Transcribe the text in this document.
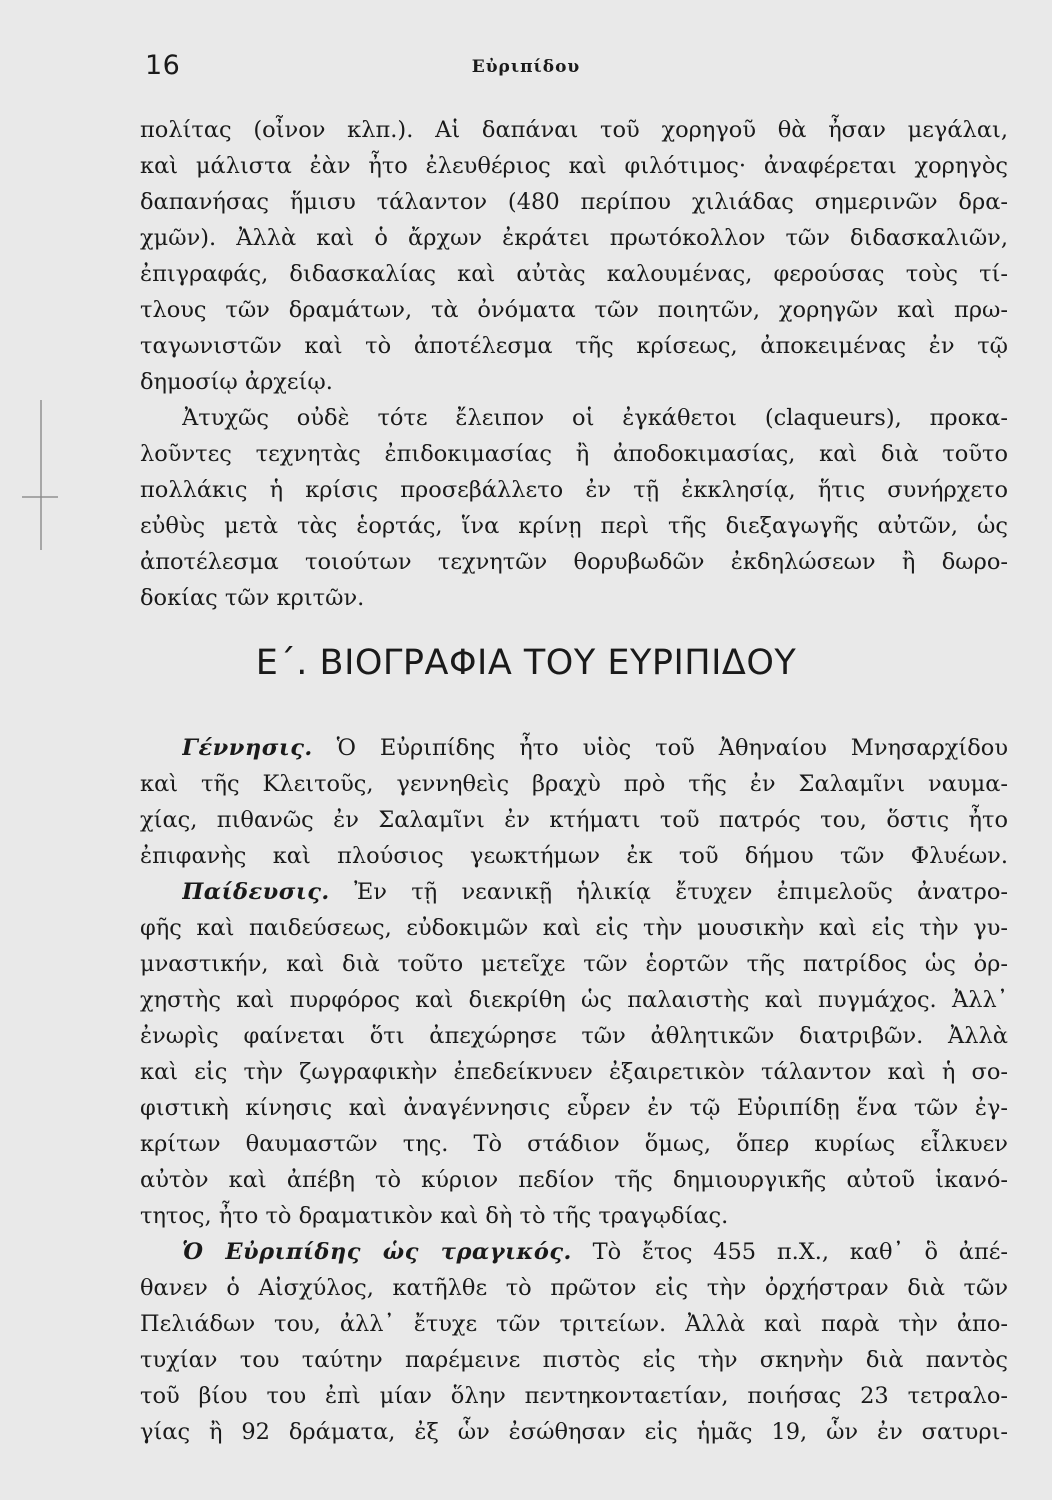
16	Εὐριπίδου
πολίτας (οἶνον κλπ.). Αἱ δαπάναι τοῦ χορηγοῦ θὰ ἦσαν μεγάλαι,
καὶ μάλιστα ἐὰν ἦτο ἐλευθέριος καὶ φιλότιμος· ἀναφέρεται χορηγὸς
δαπανήσας ἥμισυ τάλαντον (480 περίπου χιλιάδας σημερινῶν δρα-
χμῶν). Ἀλλὰ καὶ ὁ ἄρχων ἐκράτει πρωτόκολλον τῶν διδασκαλιῶν,
ἐπιγραφάς, διδασκαλίας καὶ αὐτὰς καλουμένας, φερούσας τοὺς τί-
τλους τῶν δραμάτων, τὰ ὀνόματα τῶν ποιητῶν, χορηγῶν καὶ πρω-
ταγωνιστῶν καὶ τὸ ἀποτέλεσμα τῆς κρίσεως, ἀποκειμένας ἐν τῷ
δημοσίῳ ἀρχείῳ.
Ἀτυχῶς οὐδὲ τότε ἔλειπον οἱ ἐγκάθετοι (claqueurs), προκα-
λοῦντες τεχνητὰς ἐπιδοκιμασίας ἢ ἀποδοκιμασίας, καὶ διὰ τοῦτο
πολλάκις ἡ κρίσις προσεβάλλετο ἐν τῇ ἐκκλησίᾳ, ἥτις συνήρχετο
εὐθὺς μετὰ τὰς ἑορτάς, ἵνα κρίνῃ περὶ τῆς διεξαγωγῆς αὐτῶν, ὡς
ἀποτέλεσμα τοιούτων τεχνητῶν θορυβωδῶν ἐκδηλώσεων ἢ δωρο-
δοκίας τῶν κριτῶν.
Ε΄. ΒΙΟΓΡΑΦΙΑ ΤΟΥ ΕΥΡΙΠΙΔΟΥ
Γέννησις. Ὁ Εὐριπίδης ἦτο υἱὸς τοῦ Ἀθηναίου Μνησαρχίδου
καὶ τῆς Κλειτοῦς, γεννηθεὶς βραχὺ πρὸ τῆς ἐν Σαλαμῖνι ναυμα-
χίας, πιθανῶς ἐν Σαλαμῖνι ἐν κτήματι τοῦ πατρός του, ὅστις ἦτο
ἐπιφανὴς καὶ πλούσιος γεωκτήμων ἐκ τοῦ δήμου τῶν Φλυέων.
Παίδευσις. Ἐν τῇ νεανικῇ ἡλικίᾳ ἔτυχεν ἐπιμελοῦς ἀνατρο-
φῆς καὶ παιδεύσεως, εὐδοκιμῶν καὶ εἰς τὴν μουσικὴν καὶ εἰς τὴν γυ-
μναστικήν, καὶ διὰ τοῦτο μετεῖχε τῶν ἑορτῶν τῆς πατρίδος ὡς ὀρ-
χηστὴς καὶ πυρφόρος καὶ διεκρίθη ὡς παλαιστὴς καὶ πυγμάχος. Ἀλλ᾽
ἐνωρὶς φαίνεται ὅτι ἀπεχώρησε τῶν ἀθλητικῶν διατριβῶν. Ἀλλὰ
καὶ εἰς τὴν ζωγραφικὴν ἐπεδείκνυεν ἐξαιρετικὸν τάλαντον καὶ ἡ σο-
φιστικὴ κίνησις καὶ ἀναγέννησις εὗρεν ἐν τῷ Εὐριπίδῃ ἕνα τῶν ἐγ-
κρίτων θαυμαστῶν της. Τὸ στάδιον ὅμως, ὅπερ κυρίως εἷλκυεν
αὐτὸν καὶ ἀπέβη τὸ κύριον πεδίον τῆς δημιουργικῆς αὐτοῦ ἱκανό-
τητος, ἦτο τὸ δραματικὸν καὶ δὴ τὸ τῆς τραγῳδίας.
Ὁ Εὐριπίδης ὡς τραγικός. Τὸ ἔτος 455 π.Χ., καθ᾽ ὃ ἀπέ-
θανεν ὁ Αἰσχύλος, κατῆλθε τὸ πρῶτον εἰς τὴν ὀρχήστραν διὰ τῶν
Πελιάδων του, ἀλλ᾽ ἔτυχε τῶν τριτείων. Ἀλλὰ καὶ παρὰ τὴν ἀπο-
τυχίαν του ταύτην παρέμεινε πιστὸς εἰς τὴν σκηνὴν διὰ παντὸς
τοῦ βίου του ἐπὶ μίαν ὅλην πεντηκονταετίαν, ποιήσας 23 τετραλο-
γίας ἢ 92 δράματα, ἐξ ὧν ἐσώθησαν εἰς ἡμᾶς 19, ὧν ἐν σατυρι-
